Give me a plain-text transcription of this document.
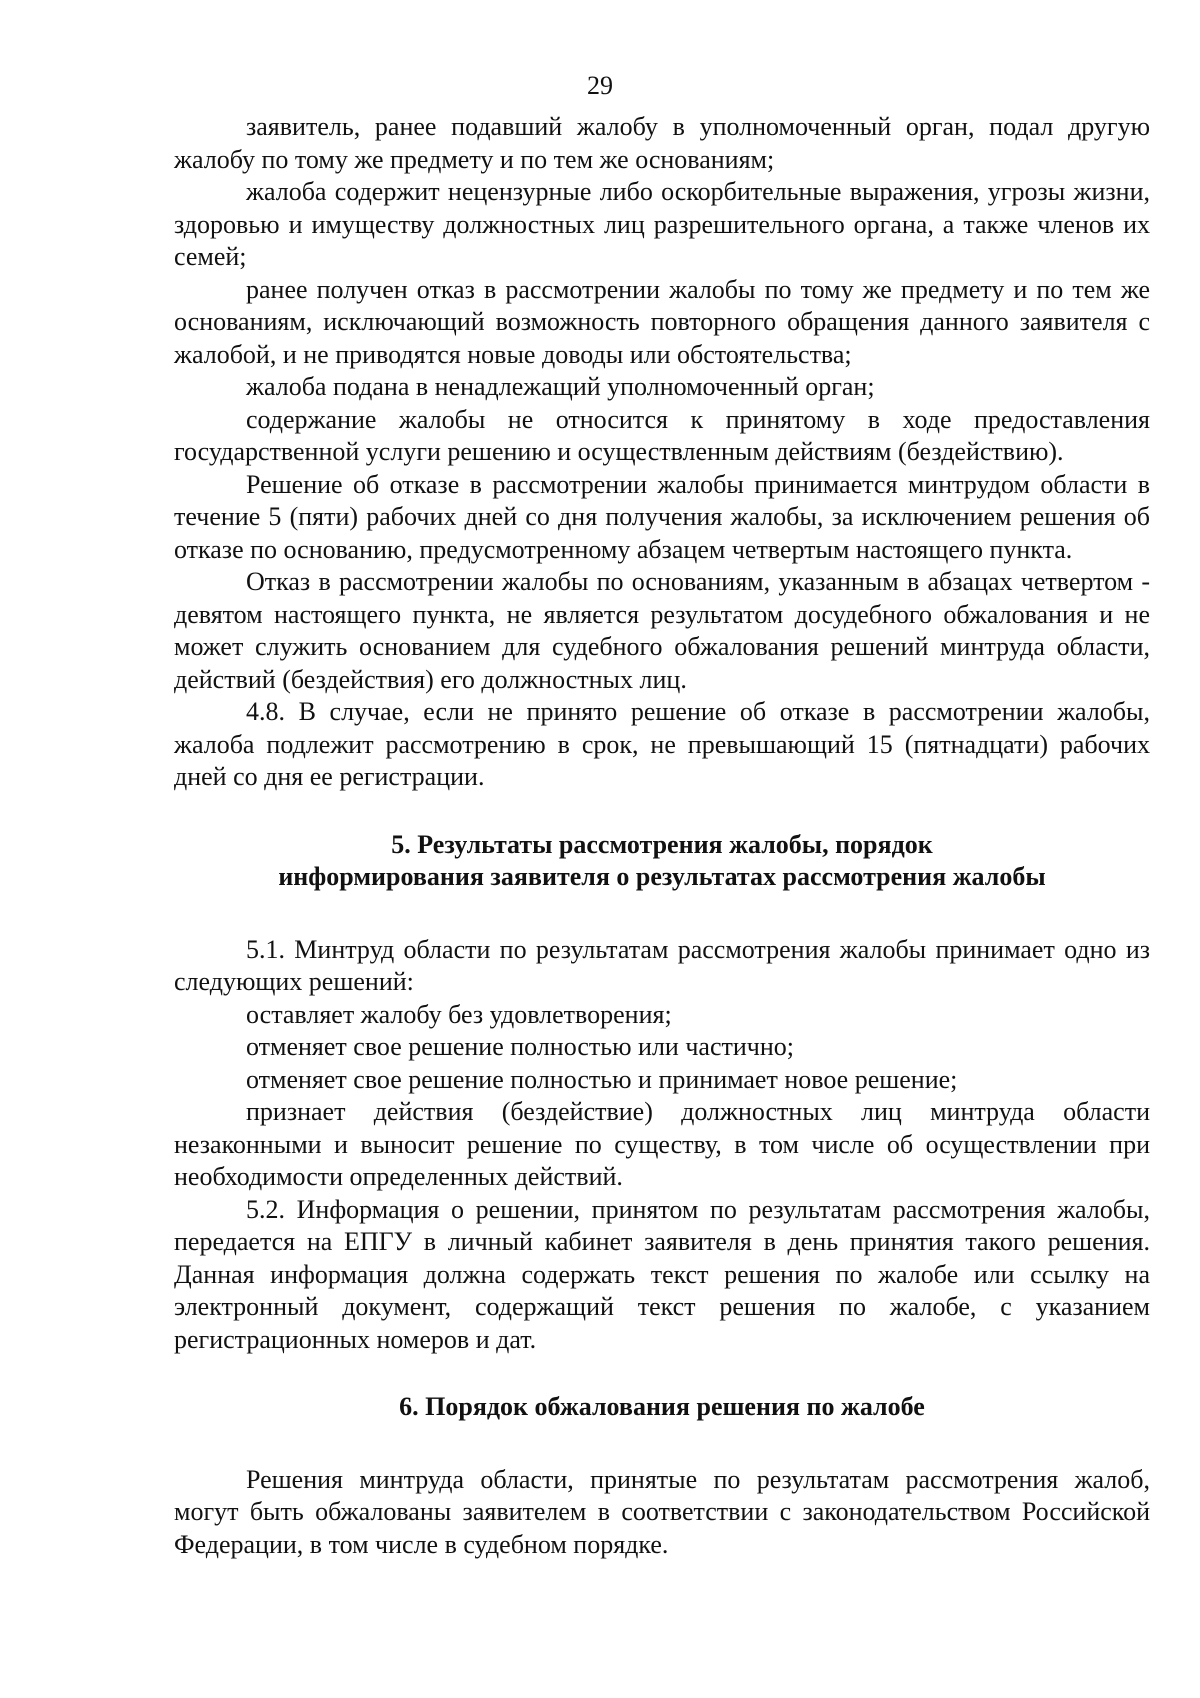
29

заявитель, ранее подавший жалобу в уполномоченный орган, подал другую жалобу по тому же предмету и по тем же основаниям;

жалоба содержит нецензурные либо оскорбительные выражения, угрозы жизни, здоровью и имуществу должностных лиц разрешительного органа, а также членов их семей;

ранее получен отказ в рассмотрении жалобы по тому же предмету и по тем же основаниям, исключающий возможность повторного обращения данного заявителя с жалобой, и не приводятся новые доводы или обстоятельства;

жалоба подана в ненадлежащий уполномоченный орган;

содержание жалобы не относится к принятому в ходе предоставления государственной услуги решению и осуществленным действиям (бездействию).

Решение об отказе в рассмотрении жалобы принимается минтрудом области в течение 5 (пяти) рабочих дней со дня получения жалобы, за исключением решения об отказе по основанию, предусмотренному абзацем четвертым настоящего пункта.

Отказ в рассмотрении жалобы по основаниям, указанным в абзацах четвертом - девятом настоящего пункта, не является результатом досудебного обжалования и не может служить основанием для судебного обжалования решений минтруда области, действий (бездействия) его должностных лиц.

4.8. В случае, если не принято решение об отказе в рассмотрении жалобы, жалоба подлежит рассмотрению в срок, не превышающий 15 (пятнадцати) рабочих дней со дня ее регистрации.

5. Результаты рассмотрения жалобы, порядок

информирования заявителя о результатах рассмотрения жалобы

5.1. Минтруд области по результатам рассмотрения жалобы принимает одно из следующих решений:

оставляет жалобу без удовлетворения;

отменяет свое решение полностью или частично;

отменяет свое решение полностью и принимает новое решение;

признает действия (бездействие) должностных лиц минтруда области незаконными и выносит решение по существу, в том числе об осуществлении при необходимости определенных действий.

5.2. Информация о решении, принятом по результатам рассмотрения жалобы, передается на ЕПГУ в личный кабинет заявителя в день принятия такого решения. Данная информация должна содержать текст решения по жалобе или ссылку на электронный документ, содержащий текст решения по жалобе, с указанием регистрационных номеров и дат.

6. Порядок обжалования решения по жалобе

Решения минтруда области, принятые по результатам рассмотрения жалоб, могут быть обжалованы заявителем в соответствии с законодательством Российской Федерации, в том числе в судебном порядке.
